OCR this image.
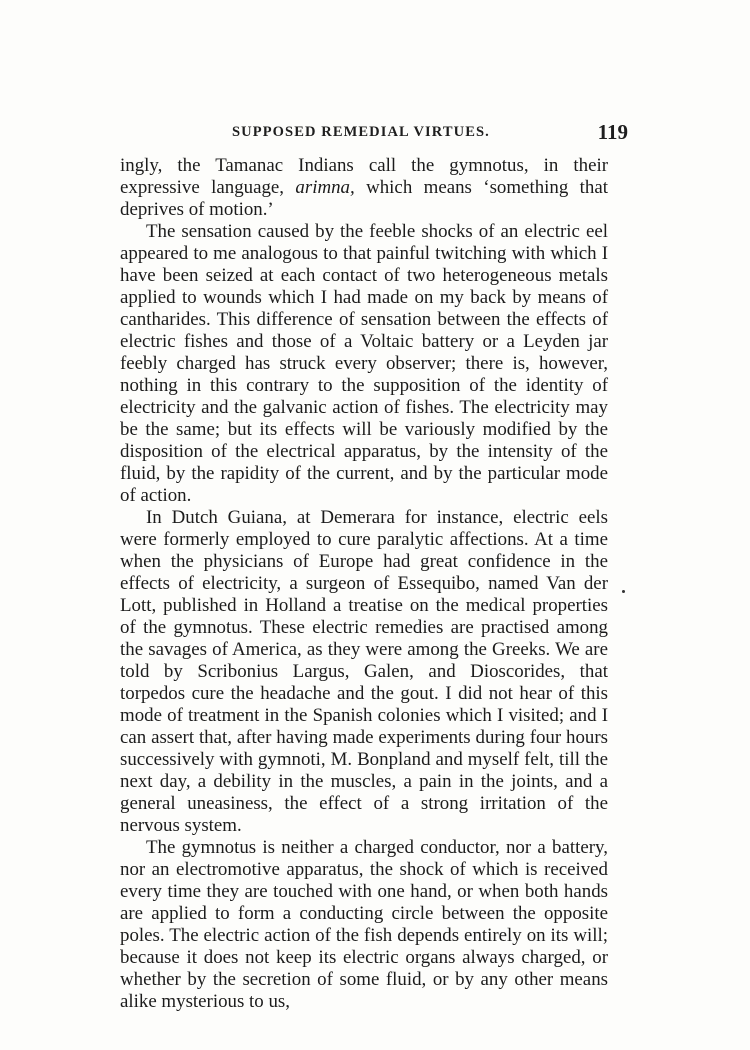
SUPPOSED REMEDIAL VIRTUES.	119

ingly, the Tamanac Indians call the gymnotus, in their expressive language, arimna, which means ‘something that deprives of motion.’

The sensation caused by the feeble shocks of an electric eel appeared to me analogous to that painful twitching with which I have been seized at each contact of two heterogeneous metals applied to wounds which I had made on my back by means of cantharides. This difference of sensation between the effects of electric fishes and those of a Voltaic battery or a Leyden jar feebly charged has struck every observer; there is, however, nothing in this contrary to the supposition of the identity of electricity and the galvanic action of fishes. The electricity may be the same; but its effects will be variously modified by the disposition of the electrical apparatus, by the intensity of the fluid, by the rapidity of the current, and by the particular mode of action.

In Dutch Guiana, at Demerara for instance, electric eels were formerly employed to cure paralytic affections. At a time when the physicians of Europe had great confidence in the effects of electricity, a surgeon of Essequibo, named Van der Lott, published in Holland a treatise on the medical properties of the gymnotus. These electric remedies are practised among the savages of America, as they were among the Greeks. We are told by Scribonius Largus, Galen, and Dioscorides, that torpedos cure the headache and the gout. I did not hear of this mode of treatment in the Spanish colonies which I visited; and I can assert that, after having made experiments during four hours successively with gymnoti, M. Bonpland and myself felt, till the next day, a debility in the muscles, a pain in the joints, and a general uneasiness, the effect of a strong irritation of the nervous system.

The gymnotus is neither a charged conductor, nor a battery, nor an electromotive apparatus, the shock of which is received every time they are touched with one hand, or when both hands are applied to form a conducting circle between the opposite poles. The electric action of the fish depends entirely on its will; because it does not keep its electric organs always charged, or whether by the secretion of some fluid, or by any other means alike mysterious to us,
